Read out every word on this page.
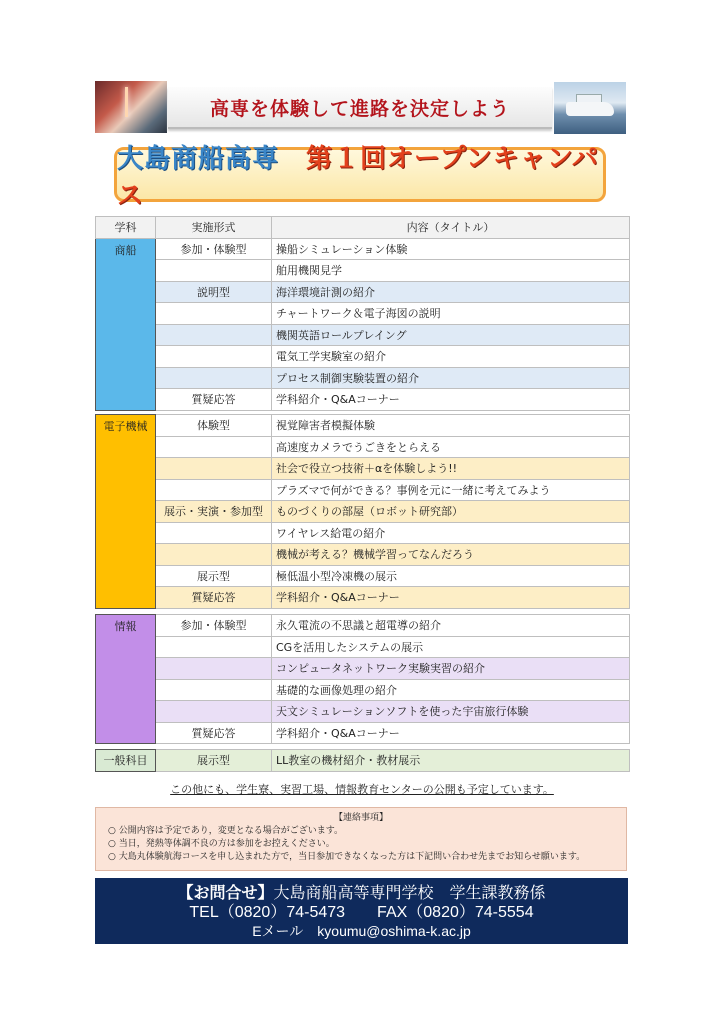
高専を体験して進路を決定しよう
大島商船高専　 第１回オープンキャンパス
学科	実施形式	内容（タイトル）
商船	参加・体験型	操船シミュレーション体験
		舶用機関見学
	説明型	海洋環境計測の紹介
		チャートワーク＆電子海図の説明
		機関英語ロールプレイング
		電気工学実験室の紹介
		プロセス制御実験装置の紹介
	質疑応答	学科紹介・Q&Aコーナー
電子機械	体験型	視覚障害者模擬体験
		高速度カメラでうごきをとらえる
		社会で役立つ技術＋αを体験しよう!!
		プラズマで何ができる？事例を元に一緒に考えてみよう
	展示・実演・参加型	ものづくりの部屋（ロボット研究部）
		ワイヤレス給電の紹介
		機械が考える？機械学習ってなんだろう
	展示型	極低温小型冷凍機の展示
	質疑応答	学科紹介・Q&Aコーナー
情報	参加・体験型	永久電流の不思議と超電導の紹介
		CGを活用したシステムの展示
		コンピュータネットワーク実験実習の紹介
		基礎的な画像処理の紹介
		天文シミュレーションソフトを使った宇宙旅行体験
	質疑応答	学科紹介・Q&Aコーナー
一般科目	展示型	LL教室の機材紹介・教材展示
この他にも、学生寮、実習工場、情報教育センターの公開も予定しています。
【連絡事項】
○ 公開内容は予定であり，変更となる場合がございます。
○ 当日，発熱等体調不良の方は参加をお控えください。
○ 大島丸体験航海コースを申し込まれた方で，当日参加できなくなった方は下記問い合わせ先までお知らせ願います。
【お問合せ】大島商船高等専門学校　学生課教務係
TEL（0820）74-5473　　FAX（0820）74-5554
Eメール　kyoumu@oshima-k.ac.jp
